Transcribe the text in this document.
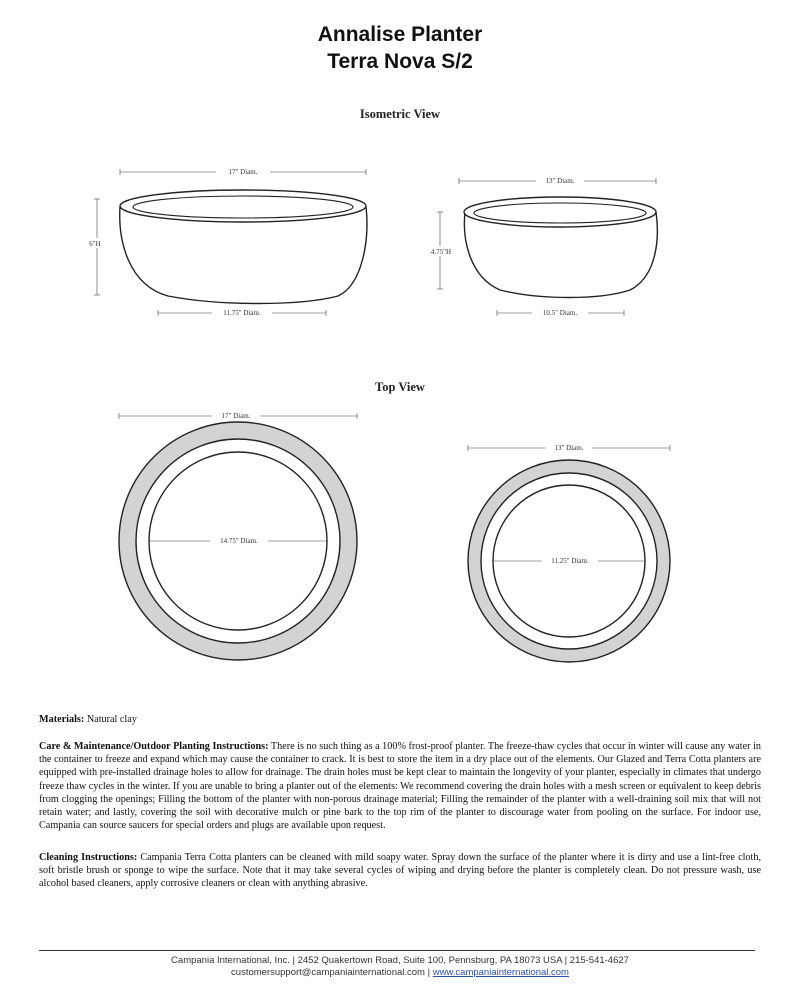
Annalise Planter
Terra Nova S/2
Isometric View
Top View
17" Diam.
6"H
11.75" Diam.
13" Diam.
4.75"H
10.5" Diam.
17" Diam.
14.75" Diam.
13" Diam.
11.25" Diam.
Materials: Natural clay
Care & Maintenance/Outdoor Planting Instructions: There is no such thing as a 100% frost-proof planter. The freeze-thaw cycles that occur in winter will cause any water in the container to freeze and expand which may cause the container to crack. It is best to store the item in a dry place out of the elements. Our Glazed and Terra Cotta planters are equipped with pre-installed drainage holes to allow for drainage. The drain holes must be kept clear to maintain the longevity of your planter, especially in climates that undergo freeze thaw cycles in the winter. If you are unable to bring a planter out of the elements: We recommend covering the drain holes with a mesh screen or equivalent to keep debris from clogging the openings; Filling the bottom of the planter with non-porous drainage material; Filling the remainder of the planter with a well-draining soil mix that will not retain water; and lastly, covering the soil with decorative mulch or pine bark to the top rim of the planter to discourage water from pooling on the surface. For indoor use, Campania can source saucers for special orders and plugs are available upon request.
Cleaning Instructions: Campania Terra Cotta planters can be cleaned with mild soapy water. Spray down the surface of the planter where it is dirty and use a lint-free cloth, soft bristle brush or sponge to wipe the surface. Note that it may take several cycles of wiping and drying before the planter is completely clean. Do not pressure wash, use alcohol based cleaners, apply corrosive cleaners or clean with anything abrasive.
Campania International, Inc. | 2452 Quakertown Road, Suite 100, Pennsburg, PA 18073 USA | 215-541-4627
customersupport@campaniainternational.com | www.campaniainternational.com
